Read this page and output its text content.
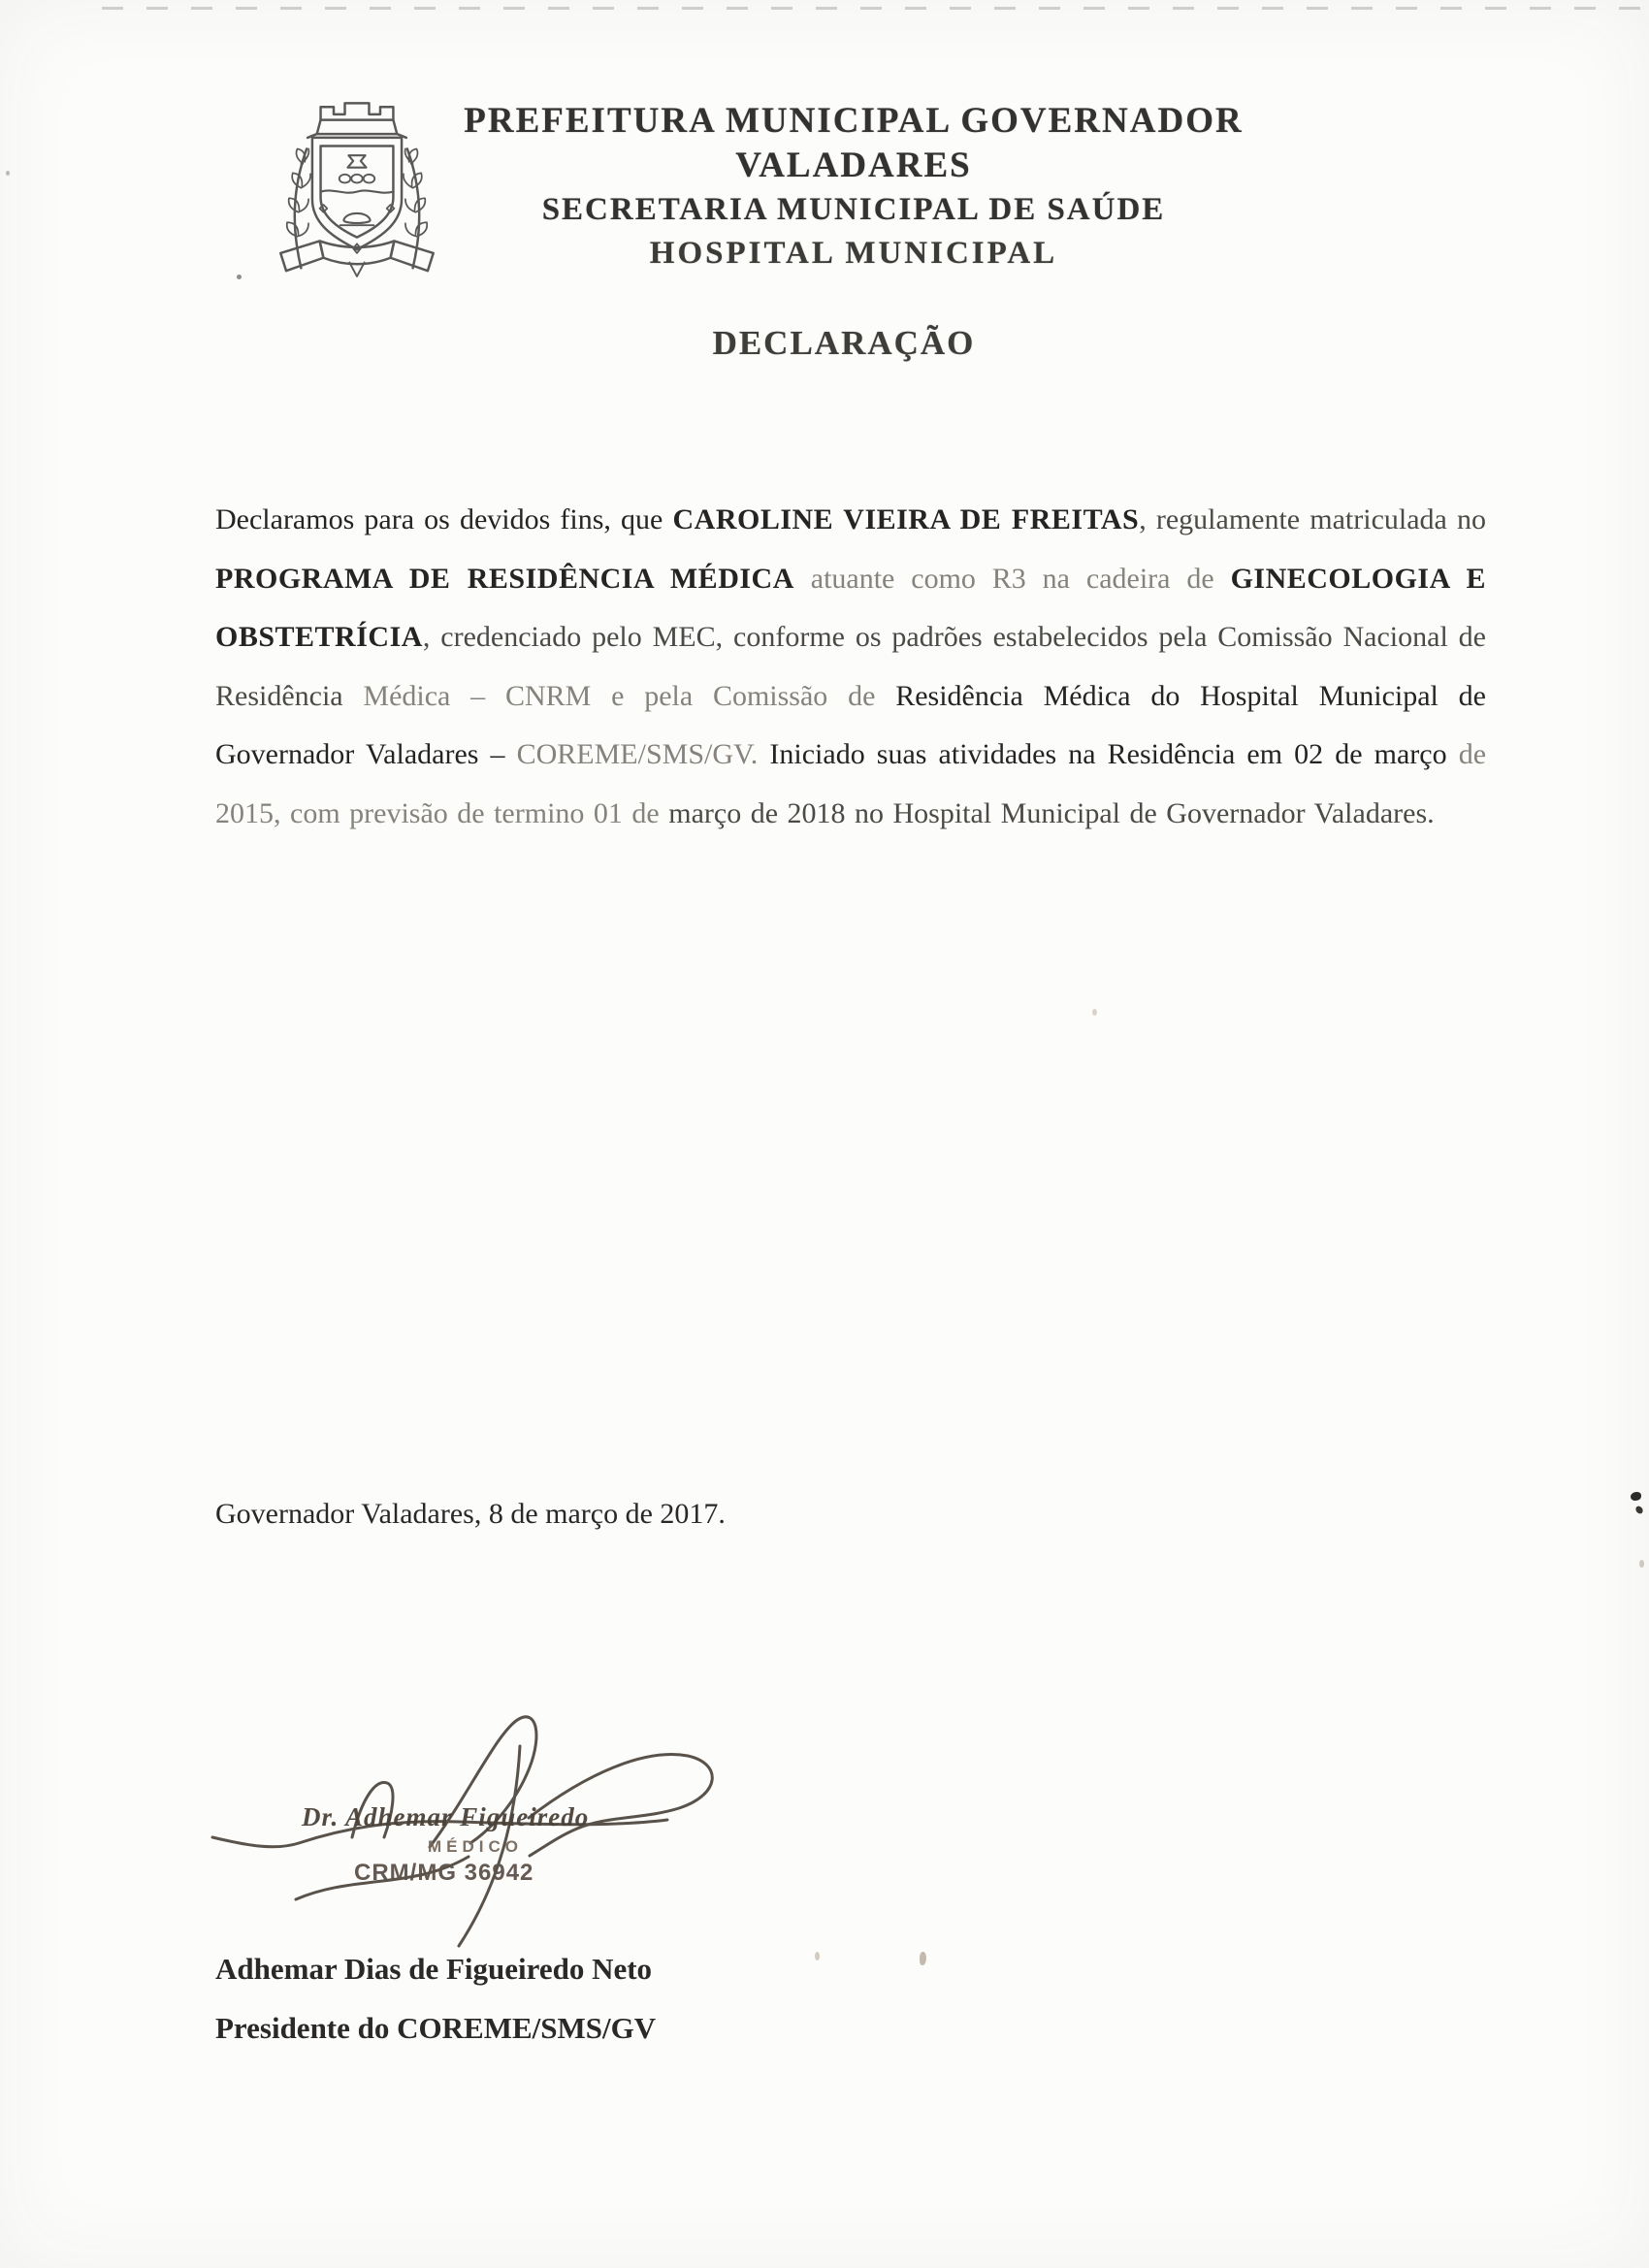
PREFEITURA MUNICIPAL GOVERNADOR VALADARES
SECRETARIA MUNICIPAL DE SAÚDE
HOSPITAL MUNICIPAL
DECLARAÇÃO
Declaramos para os devidos fins, que CAROLINE VIEIRA DE FREITAS, regulamente matriculada no PROGRAMA DE RESIDÊNCIA MÉDICA atuante como R3 na cadeira de GINECOLOGIA E OBSTETRÍCIA, credenciado pelo MEC, conforme os padrões estabelecidos pela Comissão Nacional de Residência Médica – CNRM e pela Comissão de Residência Médica do Hospital Municipal de Governador Valadares – COREME/SMS/GV. Iniciado suas atividades na Residência em 02 de março de 2015, com previsão de termino 01 de março de 2018 no Hospital Municipal de Governador Valadares.
Governador Valadares, 8 de março de 2017.
Dr. Adhemar Figueiredo
MÉDICO
CRM/MG 36942
Adhemar Dias de Figueiredo Neto
Presidente do COREME/SMS/GV
